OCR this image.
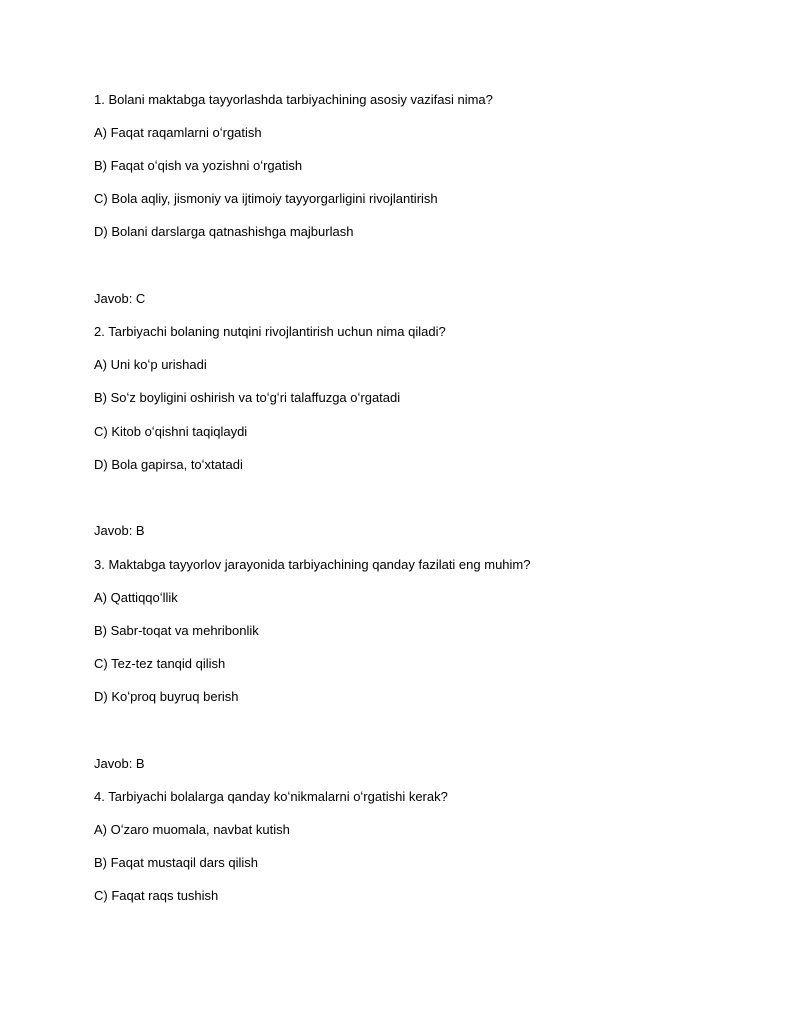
1. Bolani maktabga tayyorlashda tarbiyachining asosiy vazifasi nima?
A) Faqat raqamlarni oʻrgatish
B) Faqat oʻqish va yozishni oʻrgatish
C) Bola aqliy, jismoniy va ijtimoiy tayyorgarligini rivojlantirish
D) Bolani darslarga qatnashishga majburlash
Javob: C
2. Tarbiyachi bolaning nutqini rivojlantirish uchun nima qiladi?
A) Uni koʻp urishadi
B) Soʻz boyligini oshirish va toʻgʻri talaffuzga oʻrgatadi
C) Kitob oʻqishni taqiqlaydi
D) Bola gapirsa, toʻxtatadi
Javob: B
3. Maktabga tayyorlov jarayonida tarbiyachining qanday fazilati eng muhim?
A) Qattiqqoʻllik
B) Sabr-toqat va mehribonlik
C) Tez-tez tanqid qilish
D) Koʻproq buyruq berish
Javob: B
4. Tarbiyachi bolalarga qanday koʻnikmalarni oʻrgatishi kerak?
A) Oʻzaro muomala, navbat kutish
B) Faqat mustaqil dars qilish
C) Faqat raqs tushish
